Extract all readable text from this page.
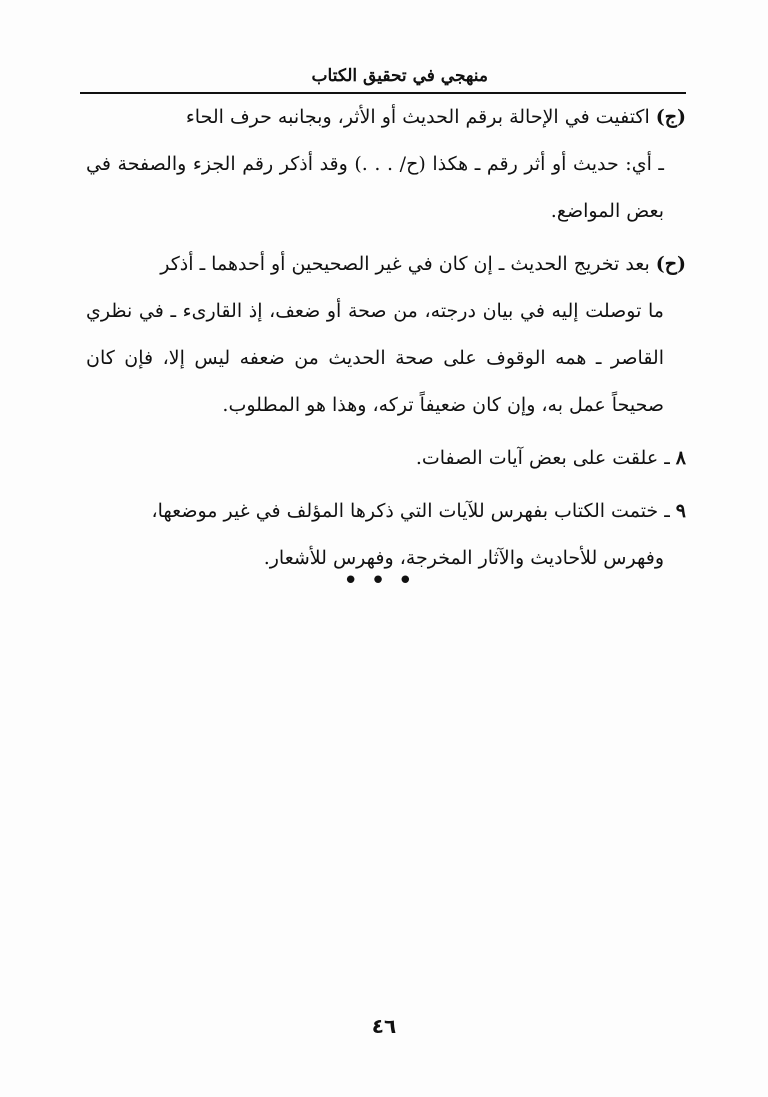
منهجي في تحقيق الكتاب
(ج)اكتفيت في الإحالة برقم الحديث أو الأثر، وبجانبه حرف الحاء
ـ أي: حديث أو أثر رقم ـ هكذا (ح/ . . .) وقد أذكر رقم الجزء والصفحة في بعض المواضع.
(ح)بعد تخريج الحديث ـ إن كان في غير الصحيحين أو أحدهما ـ أذكر
ما توصلت إليه في بيان درجته، من صحة أو ضعف، إذ القارىء ـ في نظري القاصر ـ همه الوقوف على صحة الحديث من ضعفه ليس إلا، فإن كان صحيحاً عمل به، وإن كان ضعيفاً تركه، وهذا هو المطلوب.
٨ـ علقت على بعض آيات الصفات.
٩ـ ختمت الكتاب بفهرس للآيات التي ذكرها المؤلف في غير موضعها،
وفهرس للأحاديث والآثار المخرجة، وفهرس للأشعار.
•••
٤٦
